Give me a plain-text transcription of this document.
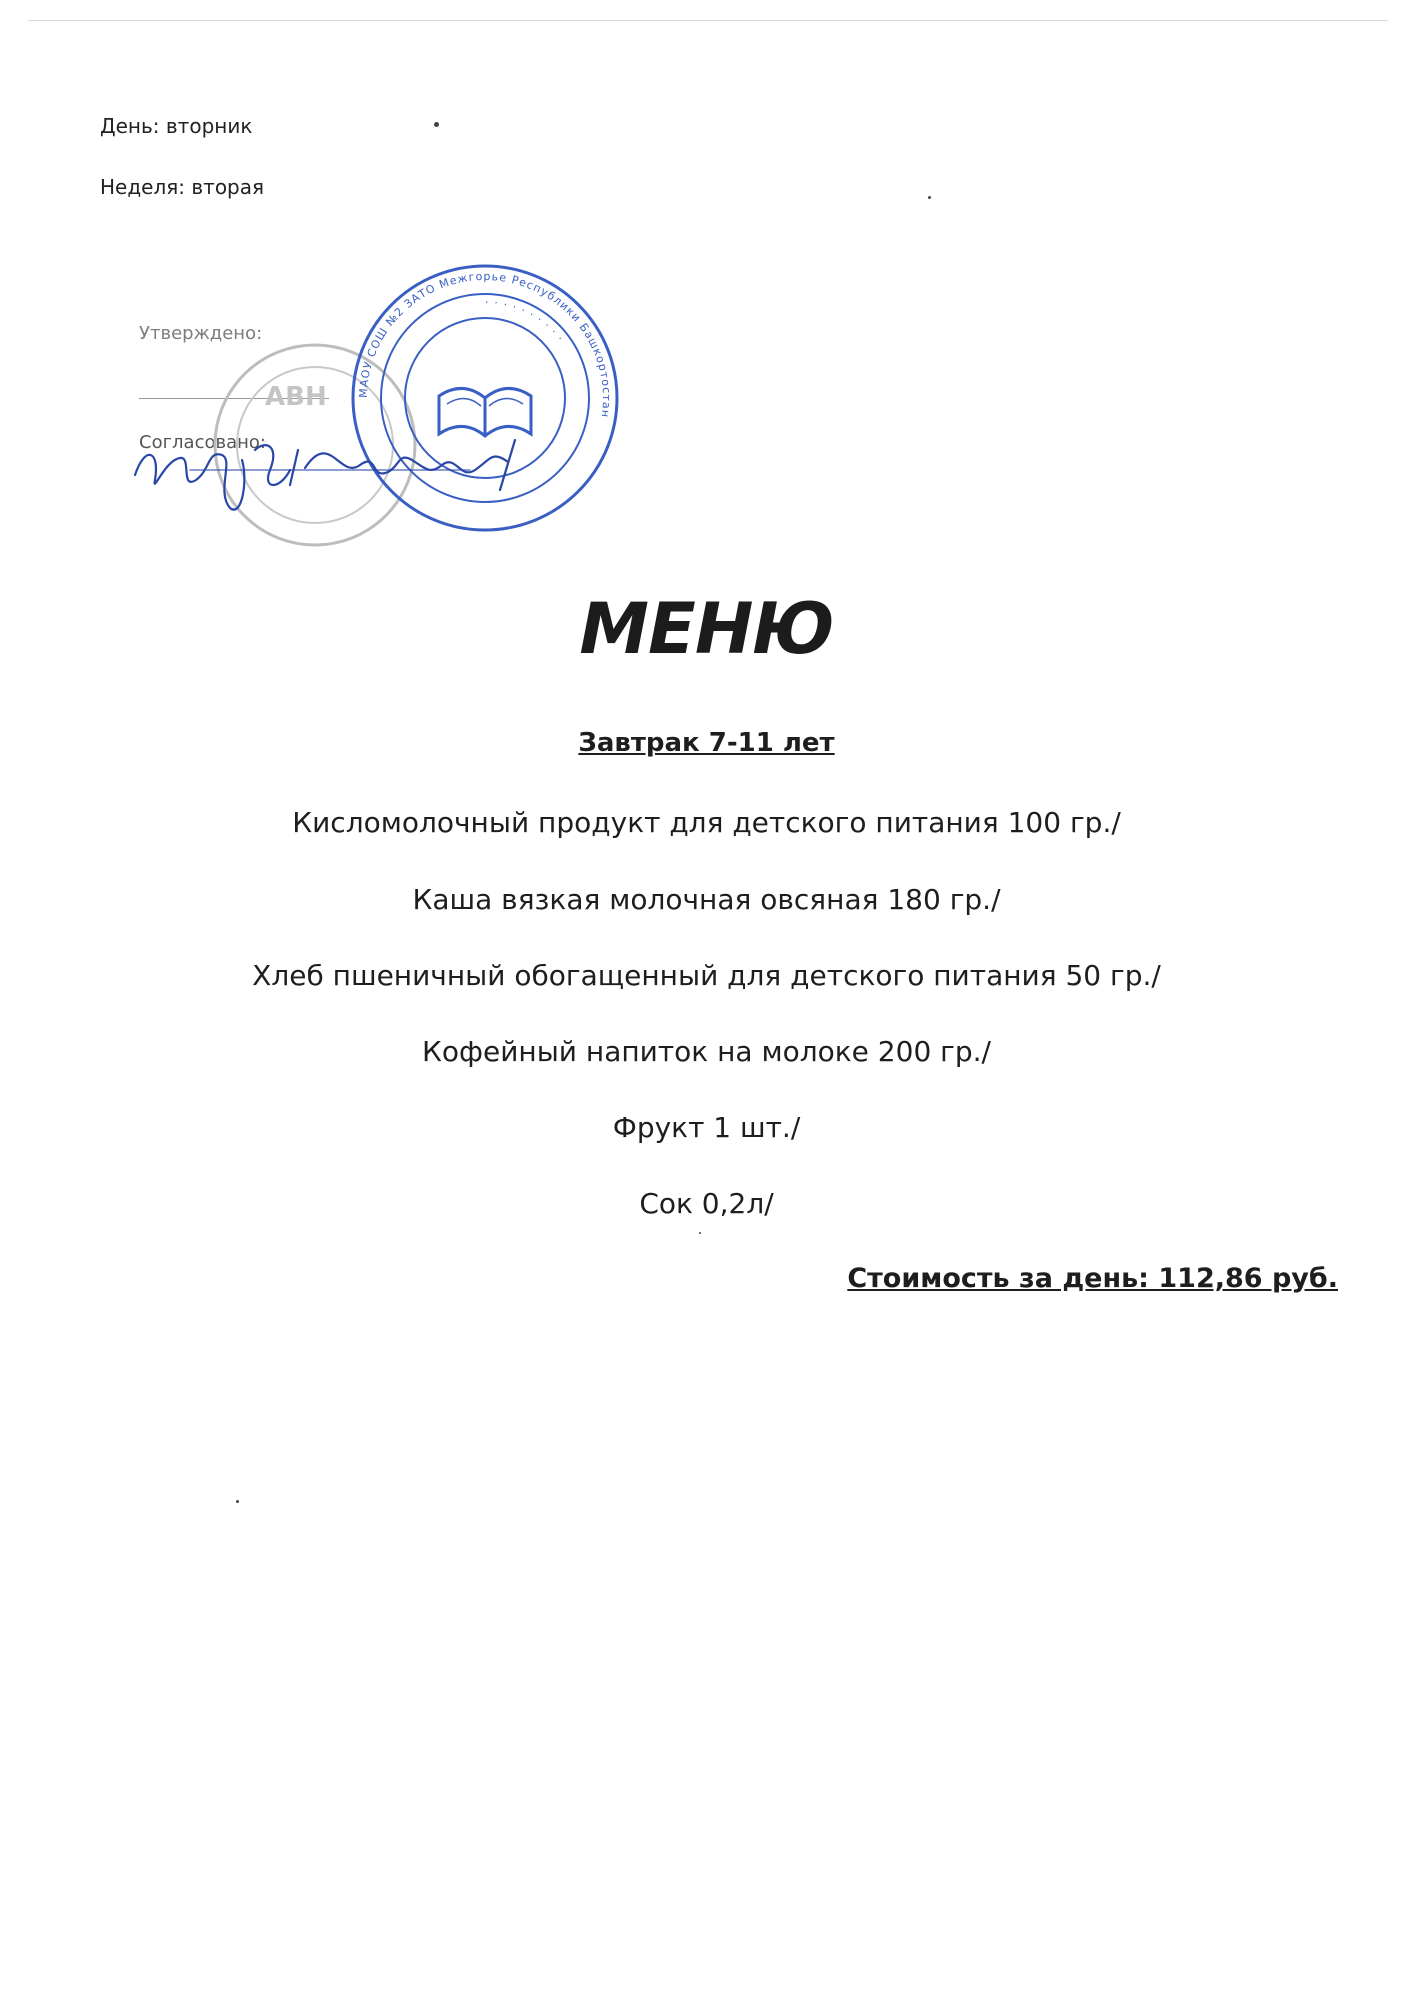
День: вторник
Неделя: вторая
Утверждено:
Согласовано:
АВН	МАОУ СОШ №2 ЗАТО Межгорье Республики Башкортостан
· · · · · · · · · ·
МЕНЮ
Завтрак 7-11 лет
Кисломолочный продукт для детского питания 100 гр./
Каша вязкая молочная овсяная 180 гр./
Хлеб пшеничный обогащенный для детского питания 50 гр./
Кофейный напиток на молоке 200 гр./
Фрукт 1 шт./
Сок 0,2л/
Стоимость за день: 112,86 руб.
